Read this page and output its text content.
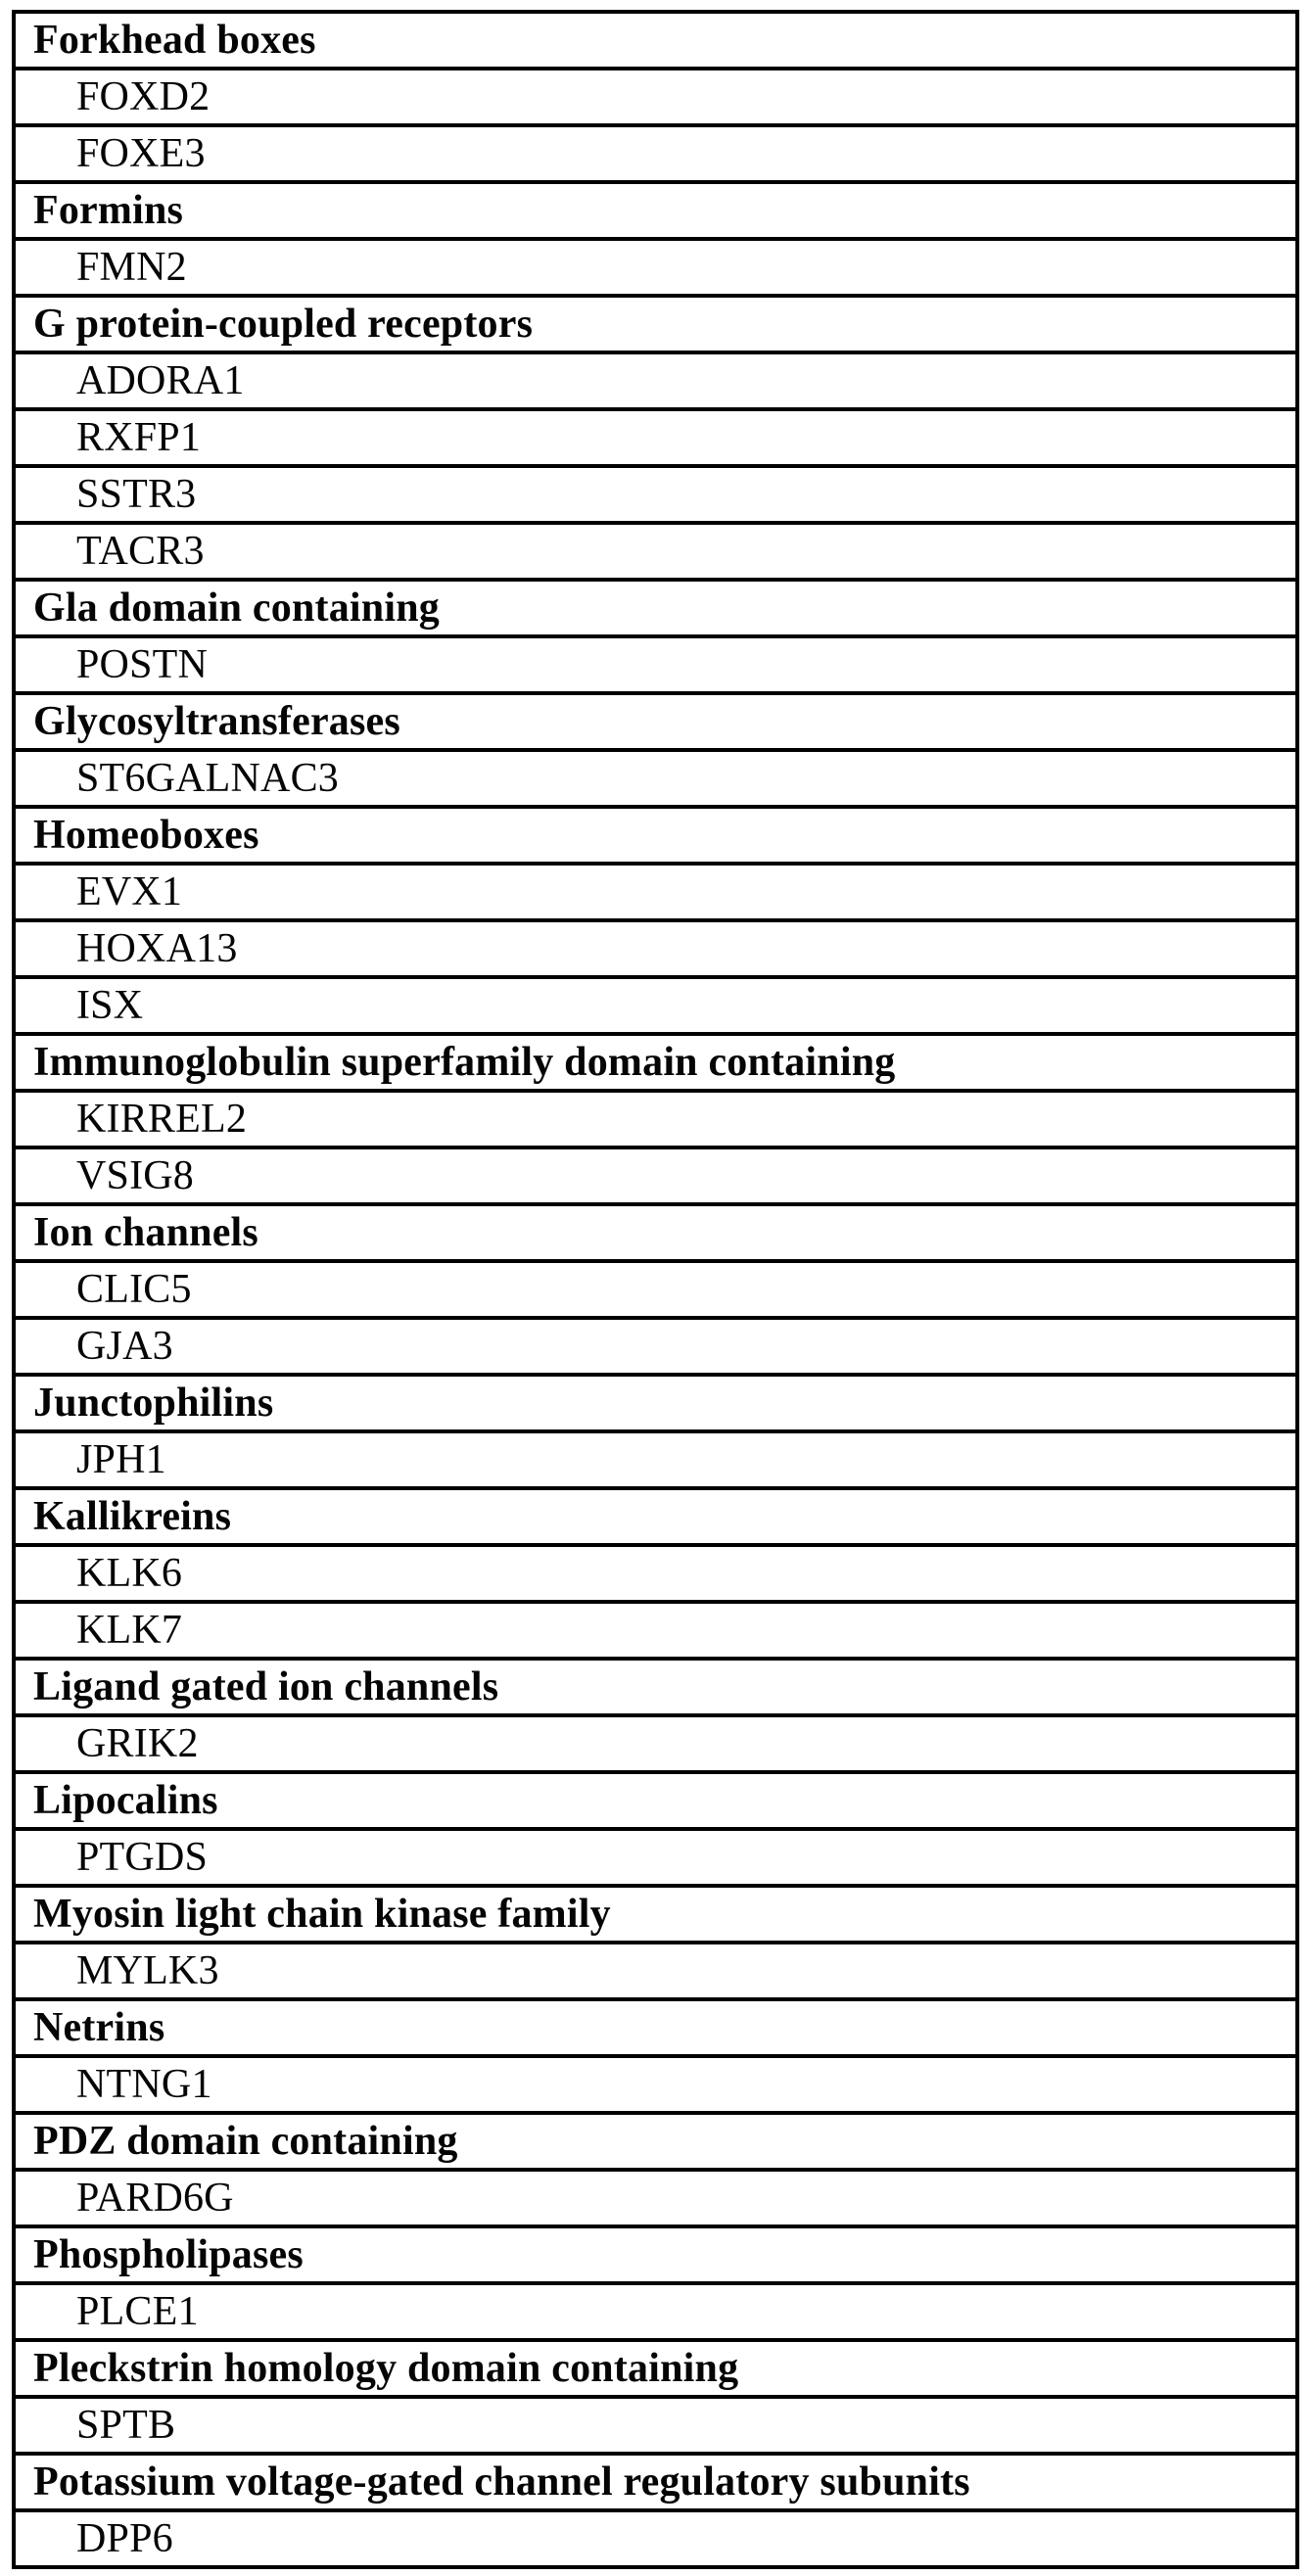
Forkhead boxes
FOXD2
FOXE3
Formins
FMN2
G protein-coupled receptors
ADORA1
RXFP1
SSTR3
TACR3
Gla domain containing
POSTN
Glycosyltransferases
ST6GALNAC3
Homeoboxes
EVX1
HOXA13
ISX
Immunoglobulin superfamily domain containing
KIRREL2
VSIG8
Ion channels
CLIC5
GJA3
Junctophilins
JPH1
Kallikreins
KLK6
KLK7
Ligand gated ion channels
GRIK2
Lipocalins
PTGDS
Myosin light chain kinase family
MYLK3
Netrins
NTNG1
PDZ domain containing
PARD6G
Phospholipases
PLCE1
Pleckstrin homology domain containing
SPTB
Potassium voltage-gated channel regulatory subunits
DPP6
